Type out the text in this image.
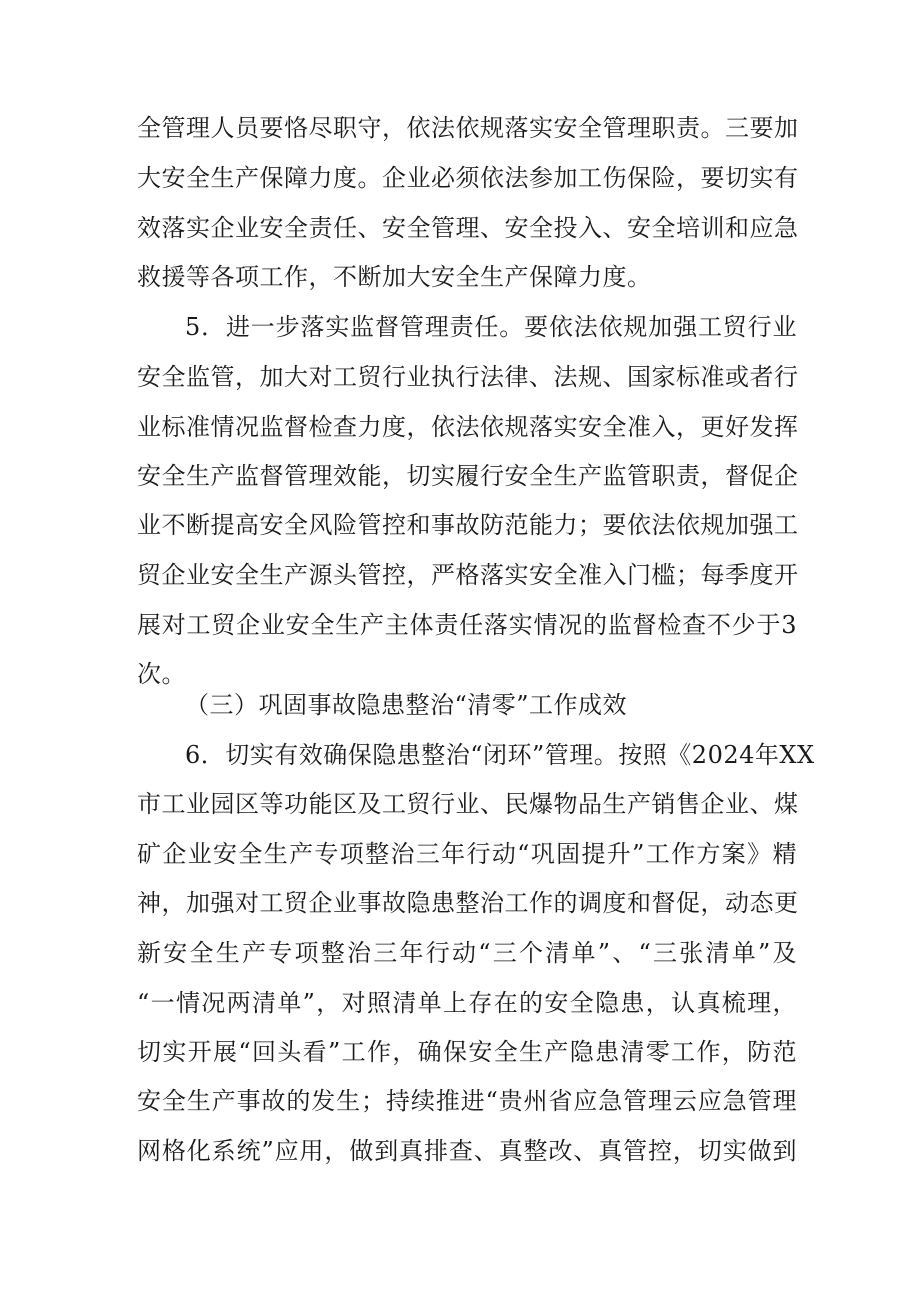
全管理人员要恪尽职守，依法依规落实安全管理职责。三要加
大安全生产保障力度。企业必须依法参加工伤保险，要切实有
效落实企业安全责任、安全管理、安全投入、安全培训和应急
救援等各项工作，不断加大安全生产保障力度。
5．进一步落实监督管理责任。要依法依规加强工贸行业
安全监管，加大对工贸行业执行法律、法规、国家标准或者行
业标准情况监督检查力度，依法依规落实安全准入，更好发挥
安全生产监督管理效能，切实履行安全生产监管职责，督促企
业不断提高安全风险管控和事故防范能力；要依法依规加强工
贸企业安全生产源头管控，严格落实安全准入门槛；每季度开
展对工贸企业安全生产主体责任落实情况的监督检查不少于3
次。
（三）巩固事故隐患整治“清零”工作成效
6．切实有效确保隐患整治“闭环”管理。按照《2024年XX
市工业园区等功能区及工贸行业、民爆物品生产销售企业、煤
矿企业安全生产专项整治三年行动“巩固提升”工作方案》精
神，加强对工贸企业事故隐患整治工作的调度和督促，动态更
新安全生产专项整治三年行动“三个清单”、“三张清单”及
“一情况两清单”，对照清单上存在的安全隐患，认真梳理，
切实开展“回头看”工作，确保安全生产隐患清零工作，防范
安全生产事故的发生；持续推进“贵州省应急管理云应急管理
网格化系统”应用，做到真排查、真整改、真管控，切实做到
